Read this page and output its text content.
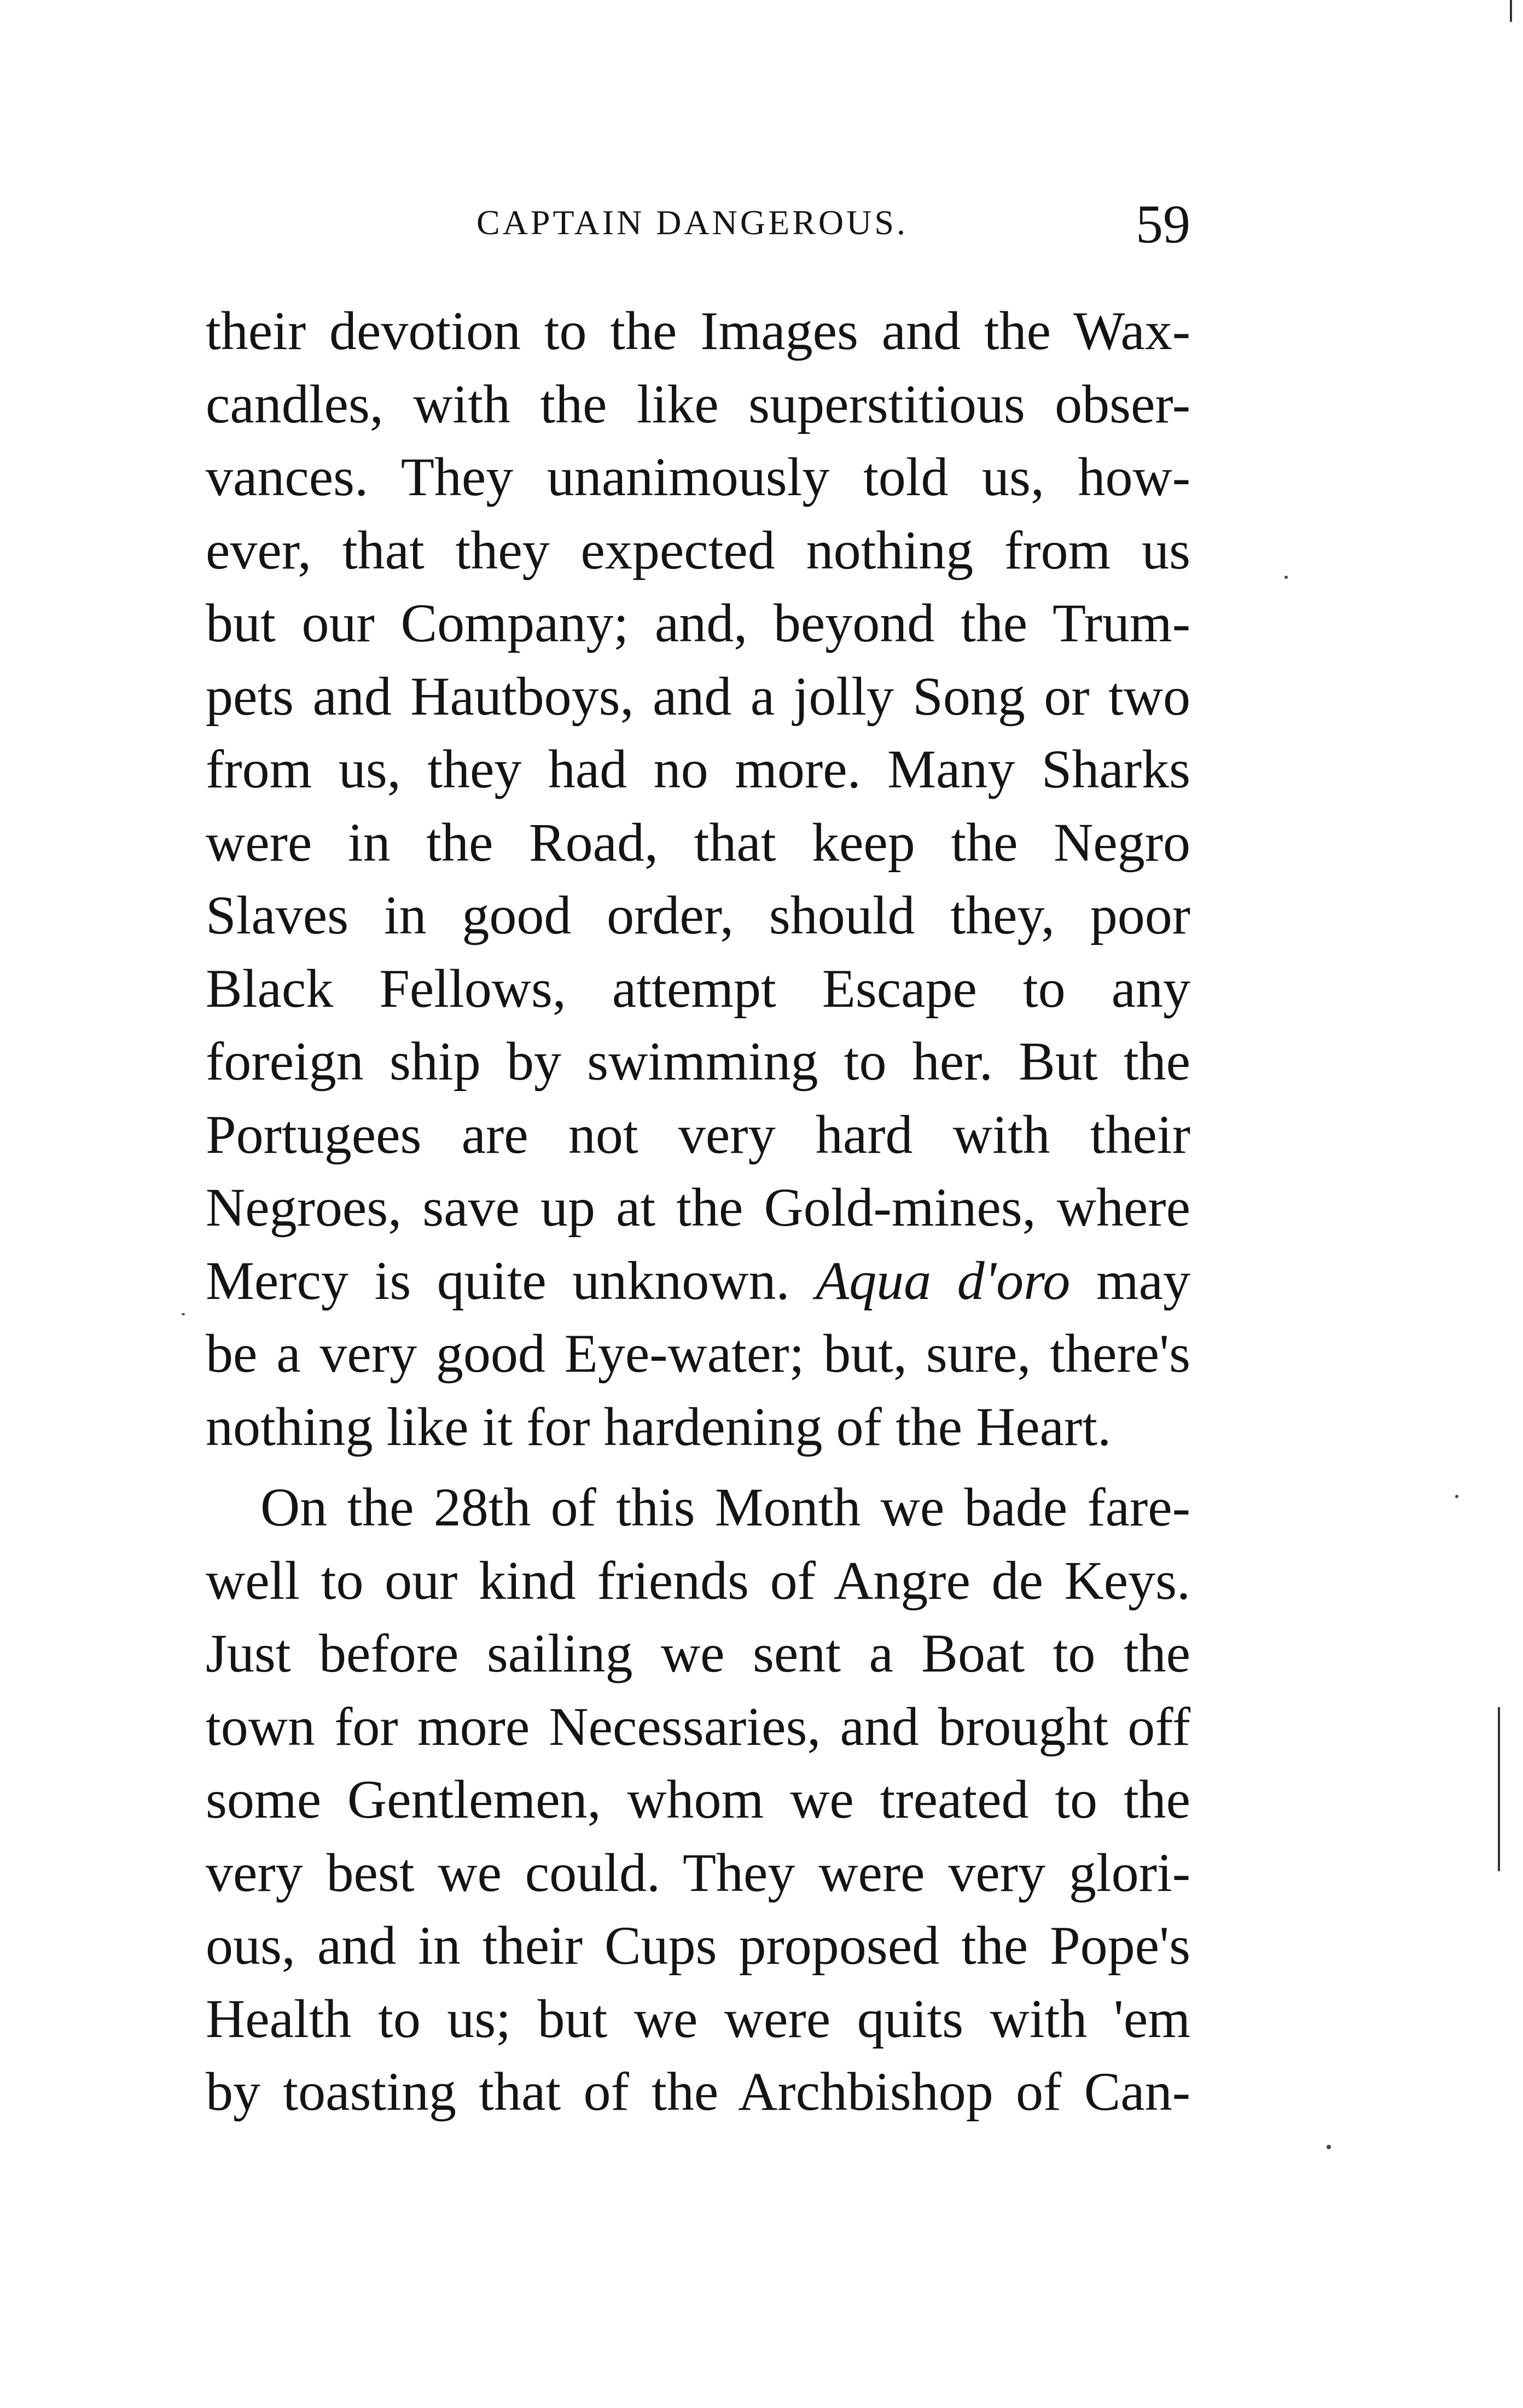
CAPTAIN DANGEROUS.	59
their devotion to the Images and the Wax-
candles, with the like superstitious obser-
vances. They unanimously told us, how-
ever, that they expected nothing from us
but our Company; and, beyond the Trum-
pets and Hautboys, and a jolly Song or two
from us, they had no more. Many Sharks
were in the Road, that keep the Negro
Slaves in good order, should they, poor
Black Fellows, attempt Escape to any
foreign ship by swimming to her. But the
Portugees are not very hard with their
Negroes, save up at the Gold-mines, where
Mercy is quite unknown. Aqua d'oro may
be a very good Eye-water; but, sure, there's
nothing like it for hardening of the Heart.
On the 28th of this Month we bade fare-
well to our kind friends of Angre de Keys.
Just before sailing we sent a Boat to the
town for more Necessaries, and brought off
some Gentlemen, whom we treated to the
very best we could. They were very glori-
ous, and in their Cups proposed the Pope's
Health to us; but we were quits with 'em
by toasting that of the Archbishop of Can-
